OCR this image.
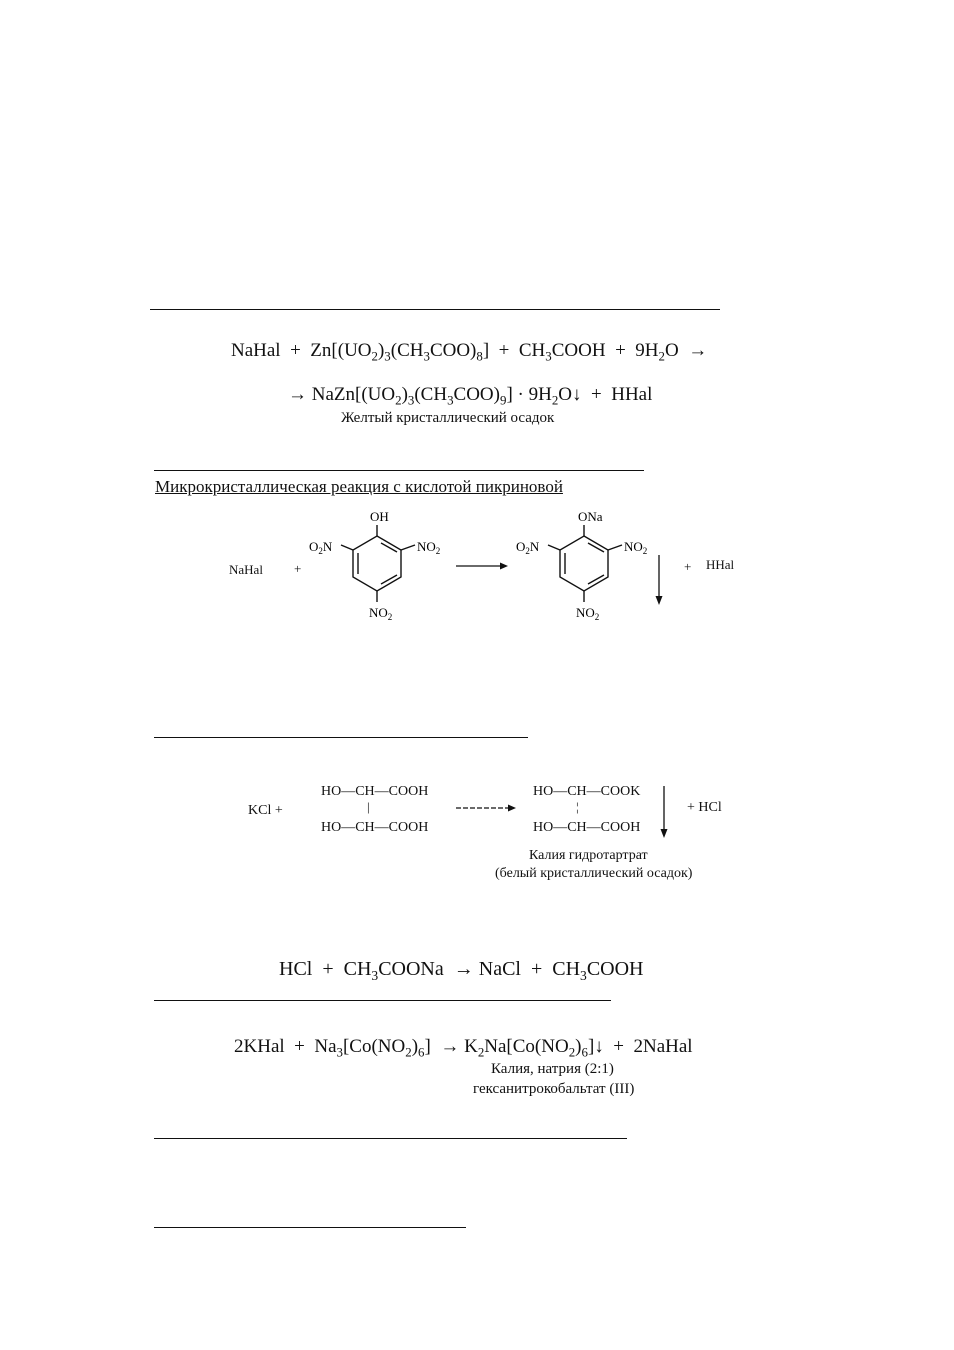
NaHal  +  $Zn[(UO_2)_3(CH_3COO)_8]$  +  $CH_3COOH + 9H_2O$  →
→ $NaZn[(UO_2)_3(CH_3COO)_9]$ · $9H_2O↓$  +  HHal
Желтый кристаллический осадок
Микрокристаллическая реакция с кислотой пикриновой
NaHal +
OH
$O_2N$	$NO_2$
$NO_2$
ONa
$O_2N$	$NO_2$
$NO_2$
+ HHal
KCl +
HO—CH—COOH
|
HO—CH—COOH
HO—CH—COOK
¦
HO—CH—COOH
+ HCl
Калия гидротартрат
(белый кристаллический осадок)
HCl  +  $CH_3COONa$  → NaCl  +  $CH_3COOH$
2KHal  +  $Na_3[Co(NO_2)_6]$  → $K_2Na[Co(NO_2)_6]↓$  +  2NaHal
Калия, натрия (2:1)
гексанитрокобальтат (III)
